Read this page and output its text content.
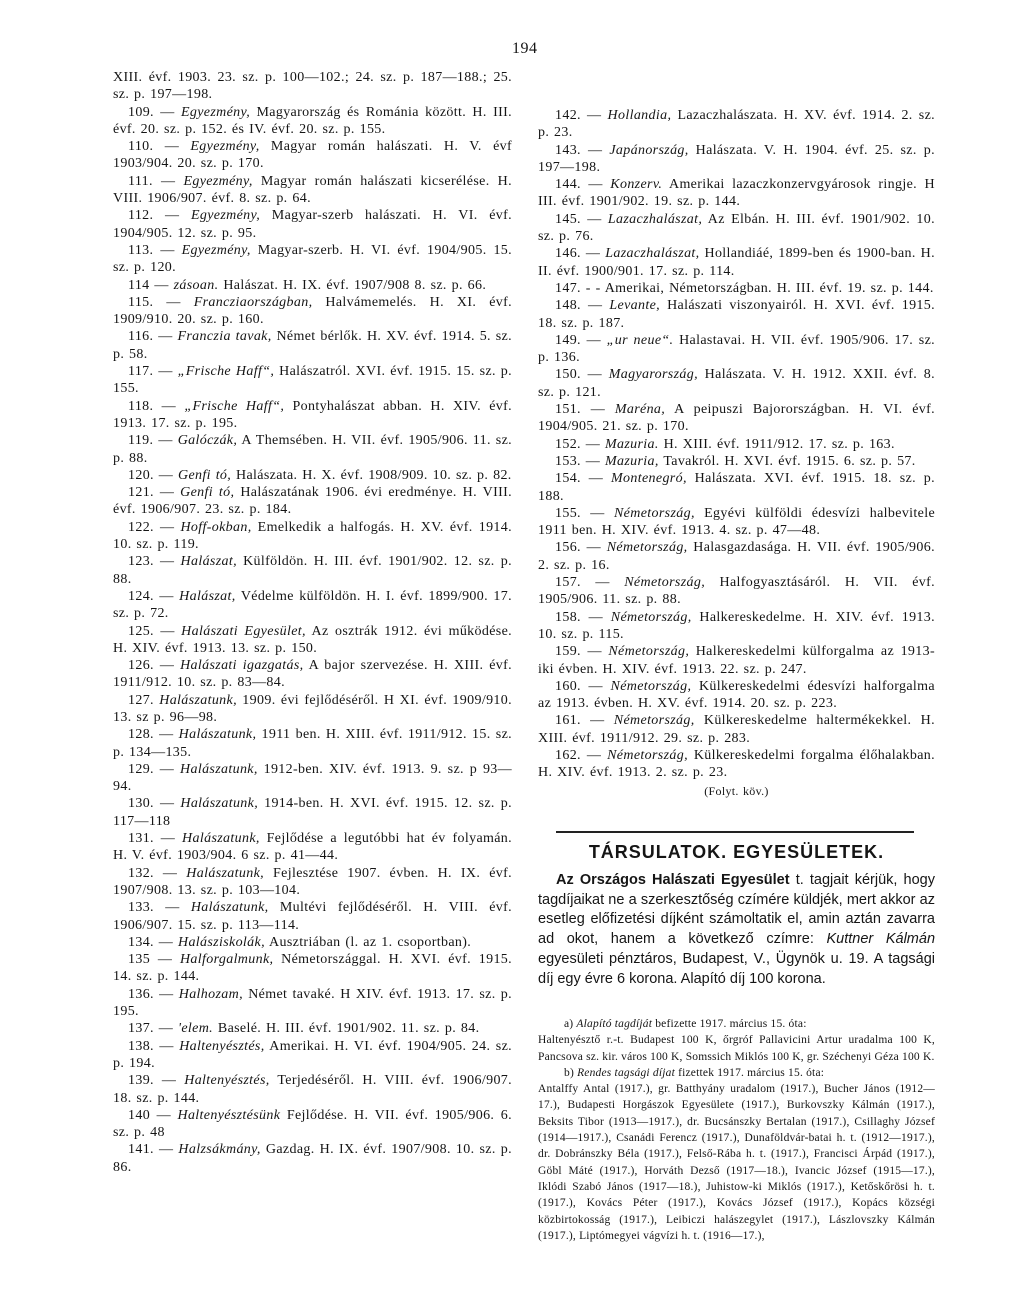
194

XIII. évf. 1903. 23. sz. p. 100—102.; 24. sz. p. 187—188.; 25. sz. p. 197—198.

109. — Egyezmény, Magyarország és Románia között. H. III. évf. 20. sz. p. 152. és IV. évf. 20. sz. p. 155.

110. — Egyezmény, Magyar román halászati. H. V. évf 1903/904. 20. sz. p. 170.

111. — Egyezmény, Magyar román halászati kicserélése. H. VIII. 1906/907. évf. 8. sz. p. 64.

112. — Egyezmény, Magyar-szerb halászati. H. VI. évf. 1904/905. 12. sz. p. 95.

113. — Egyezmény, Magyar-szerb. H. VI. évf. 1904/905. 15. sz. p. 120.

114 — zásoan. Halászat. H. IX. évf. 1907/908 8. sz. p. 66.

115. — Francziaországban, Halvámemelés. H. XI. évf. 1909/910. 20. sz. p. 160.

116. — Franczia tavak, Német bérlők. H. XV. évf. 1914. 5. sz. p. 58.

117. — „Frische Haff“, Halászatról. XVI. évf. 1915. 15. sz. p. 155.

118. — „Frische Haff“, Pontyhalászat abban. H. XIV. évf. 1913. 17. sz. p. 195.

119. — Galóczák, A Themsében. H. VII. évf. 1905/906. 11. sz. p. 88.

120. — Genfi tó, Halászata. H. X. évf. 1908/909. 10. sz. p. 82.

121. — Genfi tó, Halászatának 1906. évi eredménye. H. VIII. évf. 1906/907. 23. sz. p. 184.

122. — Hoff-okban, Emelkedik a halfogás. H. XV. évf. 1914. 10. sz. p. 119.

123. — Halászat, Külföldön. H. III. évf. 1901/902. 12. sz. p. 88.

124. — Halászat, Védelme külföldön. H. I. évf. 1899/900. 17. sz. p. 72.

125. — Halászati Egyesület, Az osztrák 1912. évi működése. H. XIV. évf. 1913. 13. sz. p. 150.

126. — Halászati igazgatás, A bajor szervezése. H. XIII. évf. 1911/912. 10. sz. p. 83—84.

127. Halászatunk, 1909. évi fejlődéséről. H XI. évf. 1909/910. 13. sz p. 96—98.

128. — Halászatunk, 1911 ben. H. XIII. évf. 1911/912. 15. sz. p. 134—135.

129. — Halászatunk, 1912-ben. XIV. évf. 1913. 9. sz. p 93—94.

130. — Halászatunk, 1914-ben. H. XVI. évf. 1915. 12. sz. p. 117—118

131. — Halászatunk, Fejlődése a legutóbbi hat év folyamán. H. V. évf. 1903/904. 6 sz. p. 41—44.

132. — Halászatunk, Fejlesztése 1907. évben. H. IX. évf. 1907/908. 13. sz. p. 103—104.

133. — Halászatunk, Multévi fejlődéséről. H. VIII. évf. 1906/907. 15. sz. p. 113—114.

134. — Halásziskolák, Ausztriában (l. az 1. csoportban).

135 — Halforgalmunk, Németországgal. H. XVI. évf. 1915. 14. sz. p. 144.

136. — Halhozam, Német tavaké. H XIV. évf. 1913. 17. sz. p. 195.

137. — 'elem. Baselé. H. III. évf. 1901/902. 11. sz. p. 84.

138. — Haltenyésztés, Amerikai. H. VI. évf. 1904/905. 24. sz. p. 194.

139. — Haltenyésztés, Terjedéséről. H. VIII. évf. 1906/907. 18. sz. p. 144.

140 — Haltenyésztésünk Fejlődése. H. VII. évf. 1905/906. 6. sz. p. 48

141. — Halzsákmány, Gazdag. H. IX. évf. 1907/908. 10. sz. p. 86.

142. — Hollandia, Lazaczhalászata. H. XV. évf. 1914. 2. sz. p. 23.

143. — Japánország, Halászata. V. H. 1904. évf. 25. sz. p. 197—198.

144. — Konzerv. Amerikai lazaczkonzervgyárosok ringje. H III. évf. 1901/902. 19. sz. p. 144.

145. — Lazaczhalászat, Az Elbán. H. III. évf. 1901/902. 10. sz. p. 76.

146. — Lazaczhalászat, Hollandiáé, 1899-ben és 1900-ban. H. II. évf. 1900/901. 17. sz. p. 114.

147. - - Amerikai, Németországban. H. III. évf. 19. sz. p. 144.

148. — Levante, Halászati viszonyairól. H. XVI. évf. 1915. 18. sz. p. 187.

149. — „ur neue“. Halastavai. H. VII. évf. 1905/906. 17. sz. p. 136.

150. — Magyarország, Halászata. V. H. 1912. XXII. évf. 8. sz. p. 121.

151. — Maréna, A peipuszi Bajorországban. H. VI. évf. 1904/905. 21. sz. p. 170.

152. — Mazuria. H. XIII. évf. 1911/912. 17. sz. p. 163.

153. — Mazuria, Tavakról. H. XVI. évf. 1915. 6. sz. p. 57.

154. — Montenegró, Halászata. XVI. évf. 1915. 18. sz. p. 188.

155. — Németország, Egyévi külföldi édesvízi halbevitele 1911 ben. H. XIV. évf. 1913. 4. sz. p. 47—48.

156. — Németország, Halasgazdasága. H. VII. évf. 1905/906. 2. sz. p. 16.

157. — Németország, Halfogyasztásáról. H. VII. évf. 1905/906. 11. sz. p. 88.

158. — Németország, Halkereskedelme. H. XIV. évf. 1913. 10. sz. p. 115.

159. — Németország, Halkereskedelmi külforgalma az 1913-iki évben. H. XIV. évf. 1913. 22. sz. p. 247.

160. — Németország, Külkereskedelmi édesvízi halforgalma az 1913. évben. H. XV. évf. 1914. 20. sz. p. 223.

161. — Németország, Külkereskedelme haltermékekkel. H. XIII. évf. 1911/912. 29. sz. p. 283.

162. — Németország, Külkereskedelmi forgalma élőhalakban. H. XIV. évf. 1913. 2. sz. p. 23.

(Folyt. köv.)

TÁRSULATOK. EGYESÜLETEK.

Az Országos Halászati Egyesület t. tagjait kérjük, hogy tagdíjaikat ne a szerkesztőség czímére küldjék, mert akkor az esetleg előfizetési díjként számoltatik el, amin aztán zavarra ad okot, hanem a következő czímre: Kuttner Kálmán egyesületi pénztáros, Budapest, V., Ügynök u. 19. A tagsági díj egy évre 6 korona. Alapító díj 100 korona.

a) Alapító tagdíját befizette 1917. március 15. óta:

Haltenyésztő r.-t. Budapest 100 K, őrgróf Pallavicini Artur uradalma 100 K, Pancsova sz. kir. város 100 K, Somssich Miklós 100 K, gr. Széchenyi Géza 100 K.

b) Rendes tagsági díjat fizettek 1917. március 15. óta:

Antalffy Antal (1917.), gr. Batthyány uradalom (1917.), Bucher János (1912—17.), Budapesti Horgászok Egyesülete (1917.), Burkovszky Kálmán (1917.), Beksits Tibor (1913—1917.), dr. Bucsánszky Bertalan (1917.), Csillaghy József (1914—1917.), Csanádi Ferencz (1917.), Dunaföldvár-batai h. t. (1912—1917.), dr. Dobránszky Béla (1917.), Felső-Rába h. t. (1917.), Francisci Árpád (1917.), Göbl Máté (1917.), Horváth Dezső (1917—18.), Ivancic József (1915—17.), Iklódi Szabó János (1917—18.), Juhistow-ki Miklós (1917.), Ketőskőrösi h. t. (1917.), Kovács Péter (1917.), Kovács József (1917.), Kopács községi közbirtokosság (1917.), Leibiczi halászegylet (1917.), Lászlovszky Kálmán (1917.), Liptómegyei vágvízi h. t. (1916—17.),
